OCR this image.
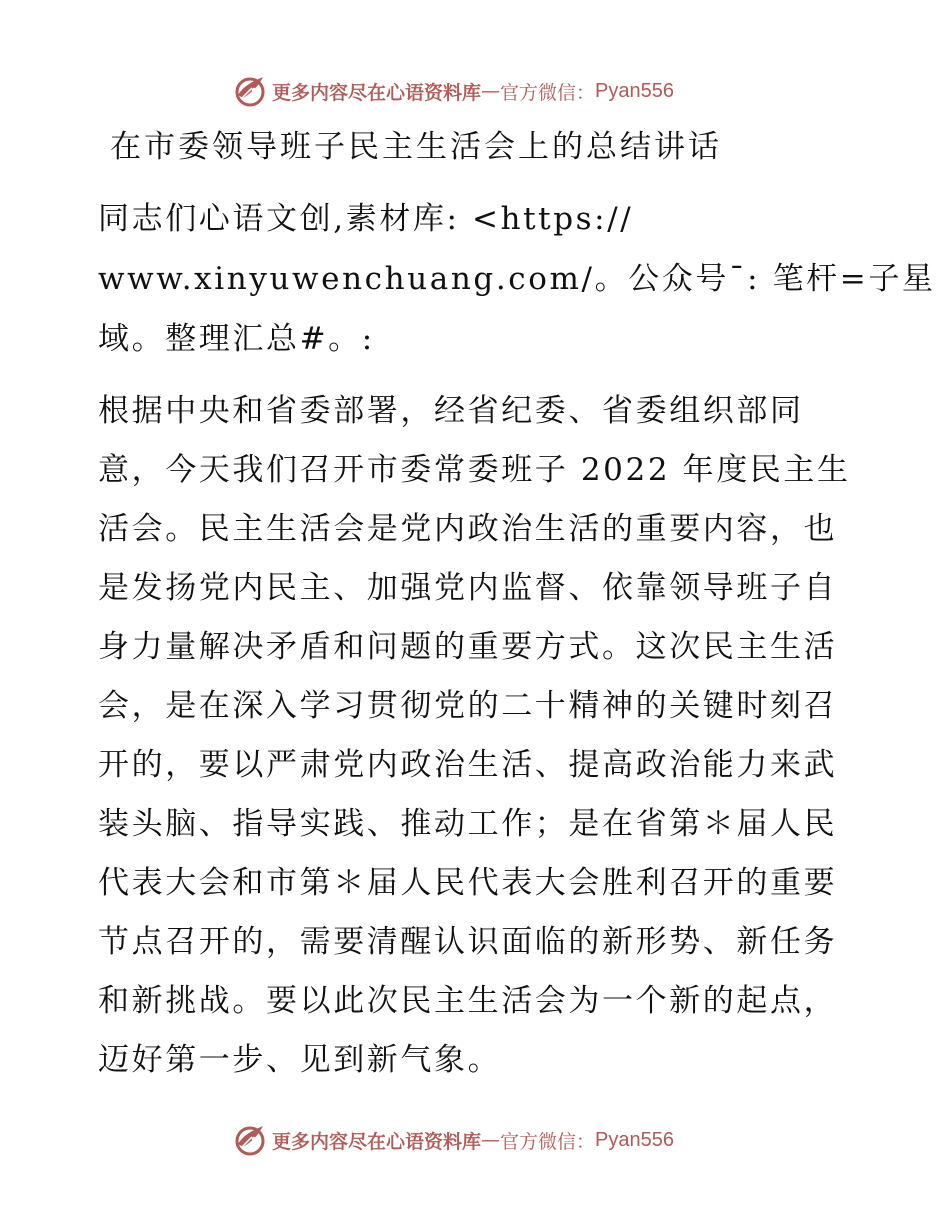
更多内容尽在心语资料库 — 官方微信： Pyan556
在市委领导班子民主生活会上的总结讲话
同志们心语文创,素材库: <https://
www.xinyuwenchuang.com/。公众号¯: 笔杆=子星
域。整理汇总#。:
根据中央和省委部署，经省纪委、省委组织部同
意，今天我们召开市委常委班子 2022 年度民主生
活会。民主生活会是党内政治生活的重要内容，也
是发扬党内民主、加强党内监督、依靠领导班子自
身力量解决矛盾和问题的重要方式。这次民主生活
会，是在深入学习贯彻党的二十精神的关键时刻召
开的，要以严肃党内政治生活、提高政治能力来武
装头脑、指导实践、推动工作；是在省第＊届人民
代表大会和市第＊届人民代表大会胜利召开的重要
节点召开的，需要清醒认识面临的新形势、新任务
和新挑战。要以此次民主生活会为一个新的起点，
迈好第一步、见到新气象。
更多内容尽在心语资料库 — 官方微信： Pyan556
